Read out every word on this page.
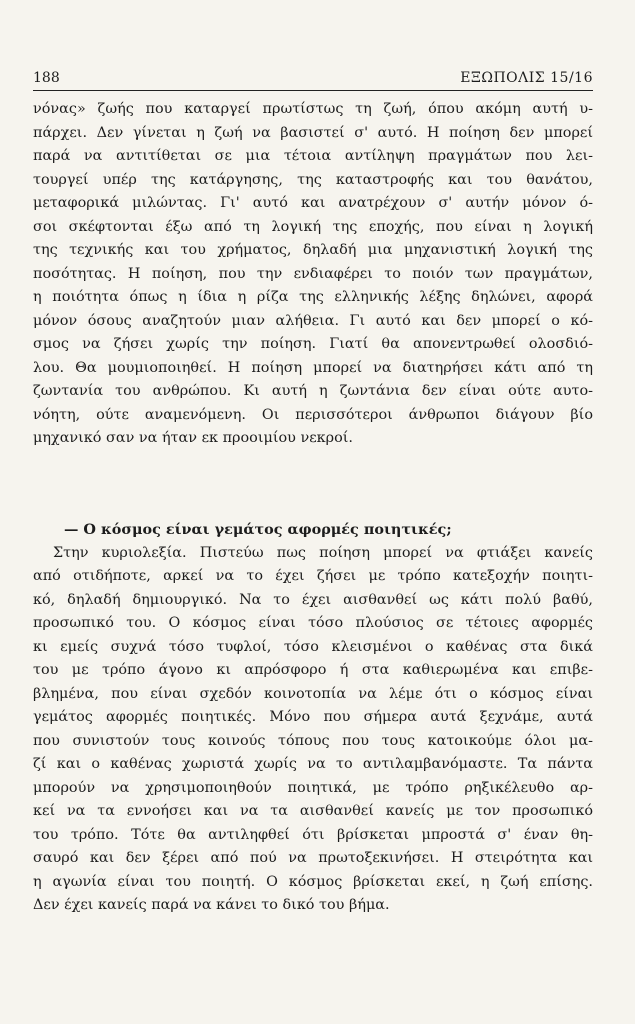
188	ΕΞΩΠΟΛΙΣ 15/16
νόνας» ζωής που καταργεί πρωτίστως τη ζωή, όπου ακόμη αυτή υ-
πάρχει. Δεν γίνεται η ζωή να βασιστεί σ' αυτό. Η ποίηση δεν μπορεί
παρά να αντιτίθεται σε μια τέτοια αντίληψη πραγμάτων που λει-
τουργεί υπέρ της κατάργησης, της καταστροφής και του θανάτου,
μεταφορικά μιλώντας. Γι' αυτό και ανατρέχουν σ' αυτήν μόνον ό-
σοι σκέφτονται έξω από τη λογική της εποχής, που είναι η λογική
της τεχνικής και του χρήματος, δηλαδή μια μηχανιστική λογική της
ποσότητας. Η ποίηση, που την ενδιαφέρει το ποιόν των πραγμάτων,
η ποιότητα όπως η ίδια η ρίζα της ελληνικής λέξης δηλώνει, αφορά
μόνον όσους αναζητούν μιαν αλήθεια. Γι αυτό και δεν μπορεί ο κό-
σμος να ζήσει χωρίς την ποίηση. Γιατί θα απονεντρωθεί ολοσδιό-
λου. Θα μουμιοποιηθεί. Η ποίηση μπορεί να διατηρήσει κάτι από τη
ζωντανία του ανθρώπου. Κι αυτή η ζωντάνια δεν είναι ούτε αυτο-
νόητη, ούτε αναμενόμενη. Οι περισσότεροι άνθρωποι διάγουν βίο
μηχανικό σαν να ήταν εκ προοιμίου νεκροί.
— Ο κόσμος είναι γεμάτος αφορμές ποιητικές;
Στην κυριολεξία. Πιστεύω πως ποίηση μπορεί να φτιάξει κανείς
από οτιδήποτε, αρκεί να το έχει ζήσει με τρόπο κατεξοχήν ποιητι-
κό, δηλαδή δημιουργικό. Να το έχει αισθανθεί ως κάτι πολύ βαθύ,
προσωπικό του. Ο κόσμος είναι τόσο πλούσιος σε τέτοιες αφορμές
κι εμείς συχνά τόσο τυφλοί, τόσο κλεισμένοι ο καθένας στα δικά
του με τρόπο άγονο κι απρόσφορο ή στα καθιερωμένα και επιβε-
βλημένα, που είναι σχεδόν κοινοτοπία να λέμε ότι ο κόσμος είναι
γεμάτος αφορμές ποιητικές. Μόνο που σήμερα αυτά ξεχνάμε, αυτά
που συνιστούν τους κοινούς τόπους που τους κατοικούμε όλοι μα-
ζί και ο καθένας χωριστά χωρίς να το αντιλαμβανόμαστε. Τα πάντα
μπορούν να χρησιμοποιηθούν ποιητικά, με τρόπο ρηξικέλευθο αρ-
κεί να τα εννοήσει και να τα αισθανθεί κανείς με τον προσωπικό
του τρόπο. Τότε θα αντιληφθεί ότι βρίσκεται μπροστά σ' έναν θη-
σαυρό και δεν ξέρει από πού να πρωτοξεκινήσει. Η στειρότητα και
η αγωνία είναι του ποιητή. Ο κόσμος βρίσκεται εκεί, η ζωή επίσης.
Δεν έχει κανείς παρά να κάνει το δικό του βήμα.
